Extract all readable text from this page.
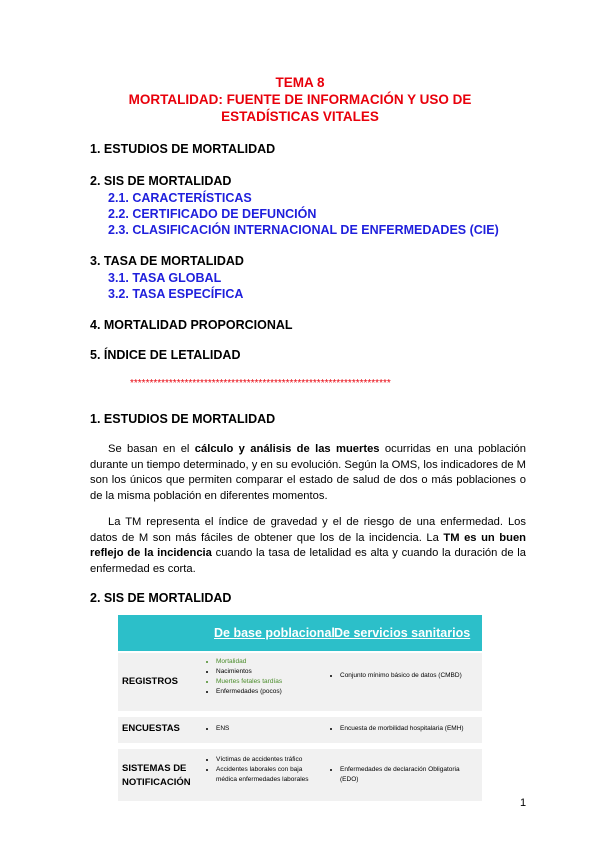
TEMA 8
MORTALIDAD: FUENTE DE INFORMACIÓN Y USO DE
ESTADÍSTICAS VITALES
1. ESTUDIOS DE MORTALIDAD
2. SIS DE MORTALIDAD
2.1. CARACTERÍSTICAS
2.2. CERTIFICADO DE DEFUNCIÓN
2.3. CLASIFICACIÓN INTERNACIONAL DE ENFERMEDADES (CIE)
3. TASA DE MORTALIDAD
3.1. TASA GLOBAL
3.2. TASA ESPECÍFICA
4. MORTALIDAD PROPORCIONAL
5. ÍNDICE DE LETALIDAD
*******************************************************************
1. ESTUDIOS DE MORTALIDAD
Se basan en el cálculo y análisis de las muertes ocurridas en una población durante un tiempo determinado, y en su evolución. Según la OMS, los indicadores de M son los únicos que permiten comparar el estado de salud de dos o más poblaciones o de la misma población en diferentes momentos.
La TM representa el índice de gravedad y el de riesgo de una enfermedad. Los datos de M son más fáciles de obtener que los de la incidencia. La TM es un buen reflejo de la incidencia cuando la tasa de letalidad es alta y cuando la duración de la enfermedad es corta.
2. SIS DE MORTALIDAD
De base poblacional De servicios sanitarios
REGISTROS
• Mortalidad
• Nacimientos
• Muertes fetales tardías
• Enfermedades (pocos)
• Conjunto mínimo básico de datos (CMBD)
ENCUESTAS	• ENS	• Encuesta de morbilidad hospitalaria (EMH)
SISTEMAS DE
NOTIFICACIÓN
• Víctimas de accidentes tráfico
• Accidentes laborales con baja médica enfermedades laborales
• Enfermedades de declaración Obligatoria (EDO)
1
